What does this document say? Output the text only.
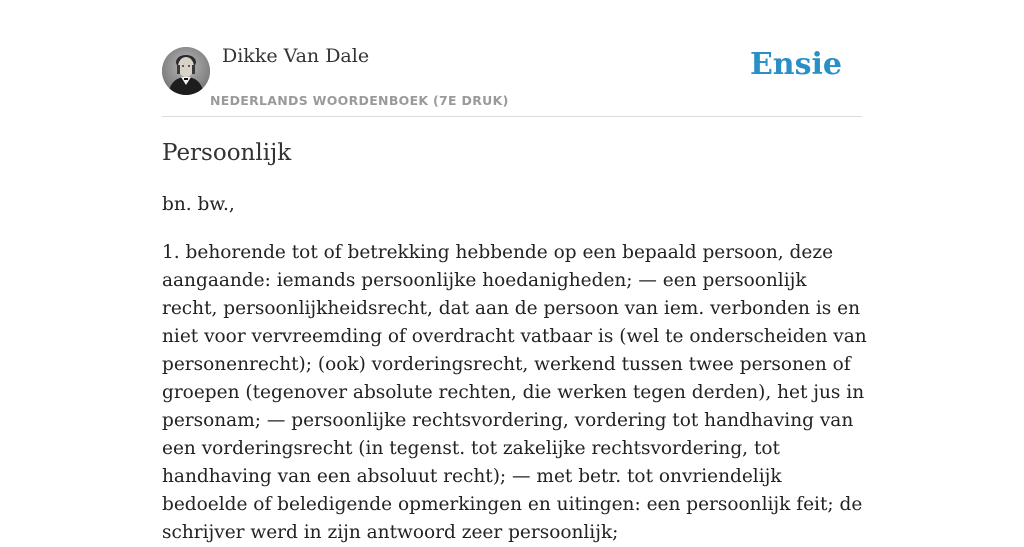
Dikke Van Dale
NEDERLANDS WOORDENBOEK (7E DRUK)
Ensie
Persoonlijk

bn. bw.,

1. behorende tot of betrekking hebbende op een bepaald persoon, deze aangaande: iemands persoonlijke hoedanigheden; — een persoonlijk recht, persoonlijkheidsrecht, dat aan de persoon van iem. verbonden is en niet voor vervreemding of overdracht vatbaar is (wel te onderscheiden van personenrecht); (ook) vorderingsrecht, werkend tussen twee personen of groepen (tegenover absolute rechten, die werken tegen derden), het jus in personam; — persoonlijke rechtsvordering, vordering tot handhaving van een vorderingsrecht (in tegenst. tot zakelijke rechtsvordering, tot handhaving van een absoluut recht); — met betr. tot onvriendelijk bedoelde of beledigende opmerkingen en uitingen: een persoonlijk feit; de schrijver werd in zijn antwoord zeer persoonlijk;
